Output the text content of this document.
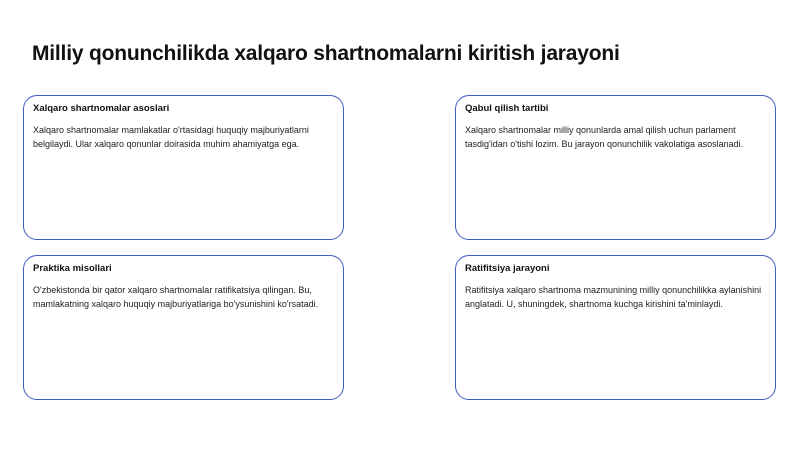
Milliy qonunchilikda xalqaro shartnomalarni kiritish jarayoni

Xalqaro shartnomalar asoslari

Xalqaro shartnomalar mamlakatlar o'rtasidagi huquqiy majburiyatlarni belgilaydi. Ular xalqaro qonunlar doirasida muhim ahamiyatga ega.

Qabul qilish tartibi

Xalqaro shartnomalar milliy qonunlarda amal qilish uchun parlament tasdig'idan o'tishi lozim. Bu jarayon qonunchilik vakolatiga asoslanadi.

Praktika misollari

O'zbekistonda bir qator xalqaro shartnomalar ratifikatsiya qilingan. Bu, mamlakatning xalqaro huquqiy majburiyatlariga bo'ysunishini ko'rsatadi.

Ratifitsiya jarayoni

Ratifitsiya xalqaro shartnoma mazmunining milliy qonunchilikka aylanishini anglatadi. U, shuningdek, shartnoma kuchga kirishini ta'minlaydi.
